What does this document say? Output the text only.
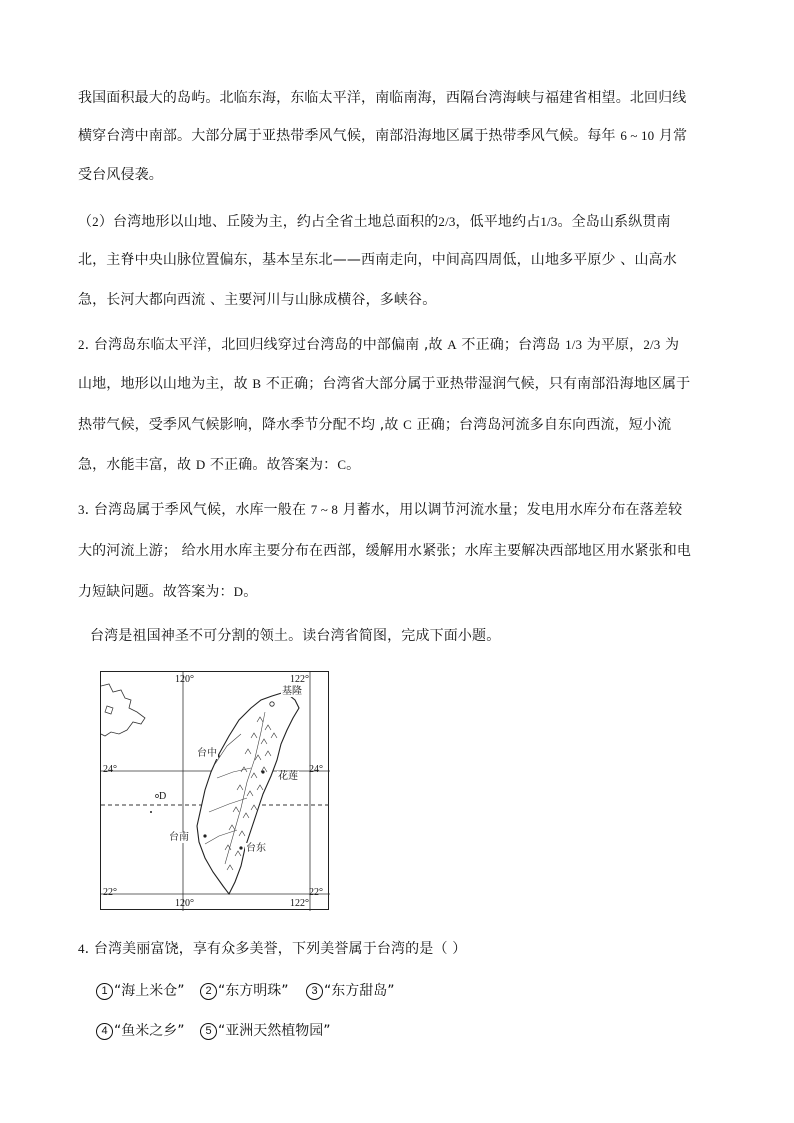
我国面积最大的岛屿。北临东海，东临太平洋，南临南海，西隔台湾海峡与福建省相望。北回归线
横穿台湾中南部。大部分属于亚热带季风气候，南部沿海地区属于热带季风气候。每年 6 ~ 10 月常
受台风侵袭。
（2）台湾地形以山地、丘陵为主，约占全省土地总面积的2/3，低平地约占1/3。全岛山系纵贯南
北，主脊中央山脉位置偏东，基本呈东北——西南走向，中间高四周低，山地多平原少 、山高水
急，长河大都向西流 、主要河川与山脉成横谷，多峡谷。
2. 台湾岛东临太平洋，北回归线穿过台湾岛的中部偏南 ,故 A 不正确；台湾岛 1/3 为平原，2/3 为
山地，地形以山地为主，故 B 不正确；台湾省大部分属于亚热带湿润气候，只有南部沿海地区属于
热带气候，受季风气候影响，降水季节分配不均 ,故 C 正确；台湾岛河流多自东向西流，短小流
急，水能丰富，故 D 不正确。故答案为：C。
3. 台湾岛属于季风气候，水库一般在 7 ~ 8 月蓄水，用以调节河流水量；发电用水库分布在落差较
大的河流上游； 给水用水库主要分布在西部，缓解用水紧张；水库主要解决西部地区用水紧张和电
力短缺问题。故答案为：D。
台湾是祖国神圣不可分割的领土。读台湾省简图，完成下面小题。
120°	122°
24°	24°
22°	22°
120°	122°
基隆
台中
花莲
台南
台东
D
4. 台湾美丽富饶，享有众多美誉，下列美誉属于台湾的是（ ）
1 “海上米仓”	2 “东方明珠”	3 “东方甜岛”
4 “鱼米之乡”	5 “亚洲天然植物园”
